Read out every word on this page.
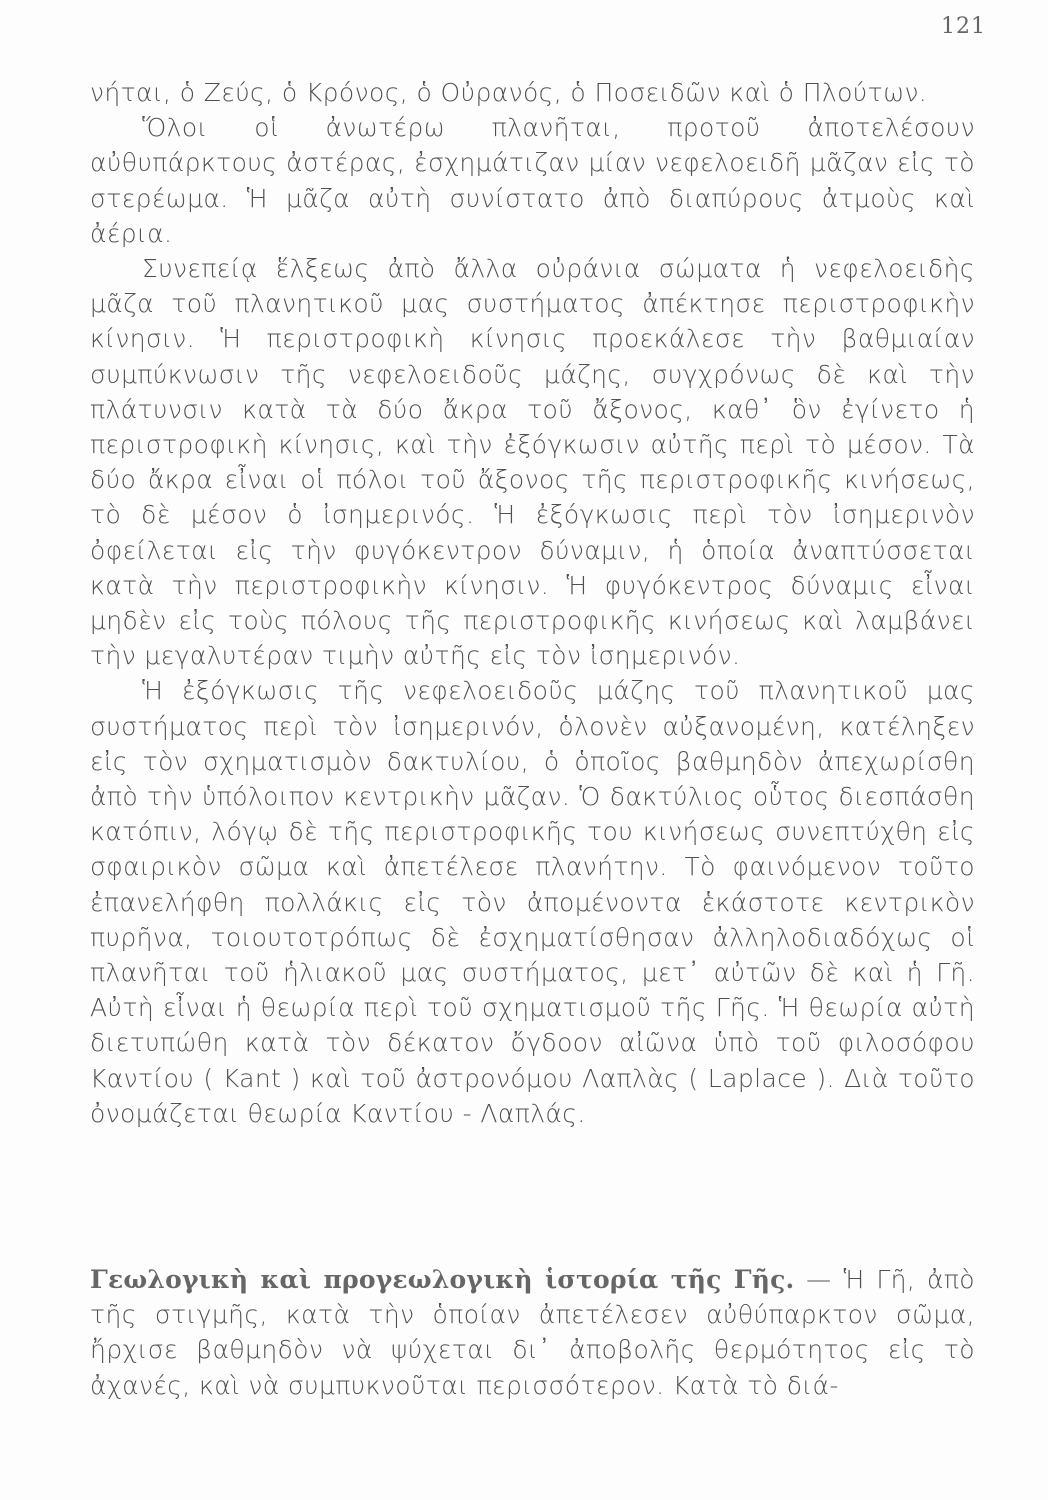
121

νήται, ὁ Ζεύς, ὁ Κρόνος, ὁ Οὐρανός, ὁ Ποσειδῶν καὶ ὁ Πλούτων.

Ὅλοι οἱ ἀνωτέρω πλανῆται, προτοῦ ἀποτελέσουν αὐθυπάρκτους ἀστέρας, ἐσχημάτιζαν μίαν νεφελοειδῆ μᾶζαν εἰς τὸ στερέωμα. Ἡ μᾶζα αὐτὴ συνίστατο ἀπὸ διαπύρους ἀτμοὺς καὶ ἀέρια.

Συνεπείᾳ ἕλξεως ἀπὸ ἄλλα οὐράνια σώματα ἡ νεφελοειδὴς μᾶζα τοῦ πλανητικοῦ μας συστήματος ἀπέκτησε περιστροφικὴν κίνησιν. Ἡ περιστροφικὴ κίνησις προεκάλεσε τὴν βαθμιαίαν συμπύκνωσιν τῆς νεφελοειδοῦς μάζης, συγχρόνως δὲ καὶ τὴν πλάτυνσιν κατὰ τὰ δύο ἄκρα τοῦ ἄξονος, καθ᾽ ὃν ἐγίνετο ἡ περιστροφικὴ κίνησις, καὶ τὴν ἐξόγκωσιν αὐτῆς περὶ τὸ μέσον. Τὰ δύο ἄκρα εἶναι οἱ πόλοι τοῦ ἄξονος τῆς περιστροφικῆς κινήσεως, τὸ δὲ μέσον ὁ ἰσημερινός. Ἡ ἐξόγκωσις περὶ τὸν ἰσημερινὸν ὀφείλεται εἰς τὴν φυγόκεντρον δύναμιν, ἡ ὁποία ἀναπτύσσεται κατὰ τὴν περιστροφικὴν κίνησιν. Ἡ φυγόκεντρος δύναμις εἶναι μηδὲν εἰς τοὺς πόλους τῆς περιστροφικῆς κινήσεως καὶ λαμβάνει τὴν μεγαλυτέραν τιμὴν αὐτῆς εἰς τὸν ἰσημερινόν.

Ἡ ἐξόγκωσις τῆς νεφελοειδοῦς μάζης τοῦ πλανητικοῦ μας συστήματος περὶ τὸν ἰσημερινόν, ὁλονὲν αὐξανομένη, κατέληξεν εἰς τὸν σχηματισμὸν δακτυλίου, ὁ ὁποῖος βαθμηδὸν ἀπεχωρίσθη ἀπὸ τὴν ὑπόλοιπον κεντρικὴν μᾶζαν. Ὁ δακτύλιος οὗτος διεσπάσθη κατόπιν, λόγῳ δὲ τῆς περιστροφικῆς του κινήσεως συνεπτύχθη εἰς σφαιρικὸν σῶμα καὶ ἀπετέλεσε πλανήτην. Τὸ φαινόμενον τοῦτο ἐπανελήφθη πολλάκις εἰς τὸν ἀπομένοντα ἑκάστοτε κεντρικὸν πυρῆνα, τοιουτοτρόπως δὲ ἐσχηματίσθησαν ἀλληλοδιαδόχως οἱ πλανῆται τοῦ ἡλιακοῦ μας συστήματος, μετ᾽ αὐτῶν δὲ καὶ ἡ Γῆ. Αὐτὴ εἶναι ἡ θεωρία περὶ τοῦ σχηματισμοῦ τῆς Γῆς. Ἡ θεωρία αὐτὴ διετυπώθη κατὰ τὸν δέκατον ὄγδοον αἰῶνα ὑπὸ τοῦ φιλοσόφου Καντίου ( Kant ) καὶ τοῦ ἀστρονόμου Λαπλὰς ( Laplace ). Διὰ τοῦτο ὀνομάζεται θεωρία Καντίου - Λαπλάς.

Γεωλογικὴ καὶ προγεωλογικὴ ἱστορία τῆς Γῆς. — Ἡ Γῆ, ἀπὸ τῆς στιγμῆς, κατὰ τὴν ὁποίαν ἀπετέλεσεν αὐθύπαρκτον σῶμα, ἤρχισε βαθμηδὸν νὰ ψύχεται δι᾽ ἀποβολῆς θερμότητος εἰς τὸ ἀχανές, καὶ νὰ συμπυκνοῦται περισσότερον. Κατὰ τὸ διά-
